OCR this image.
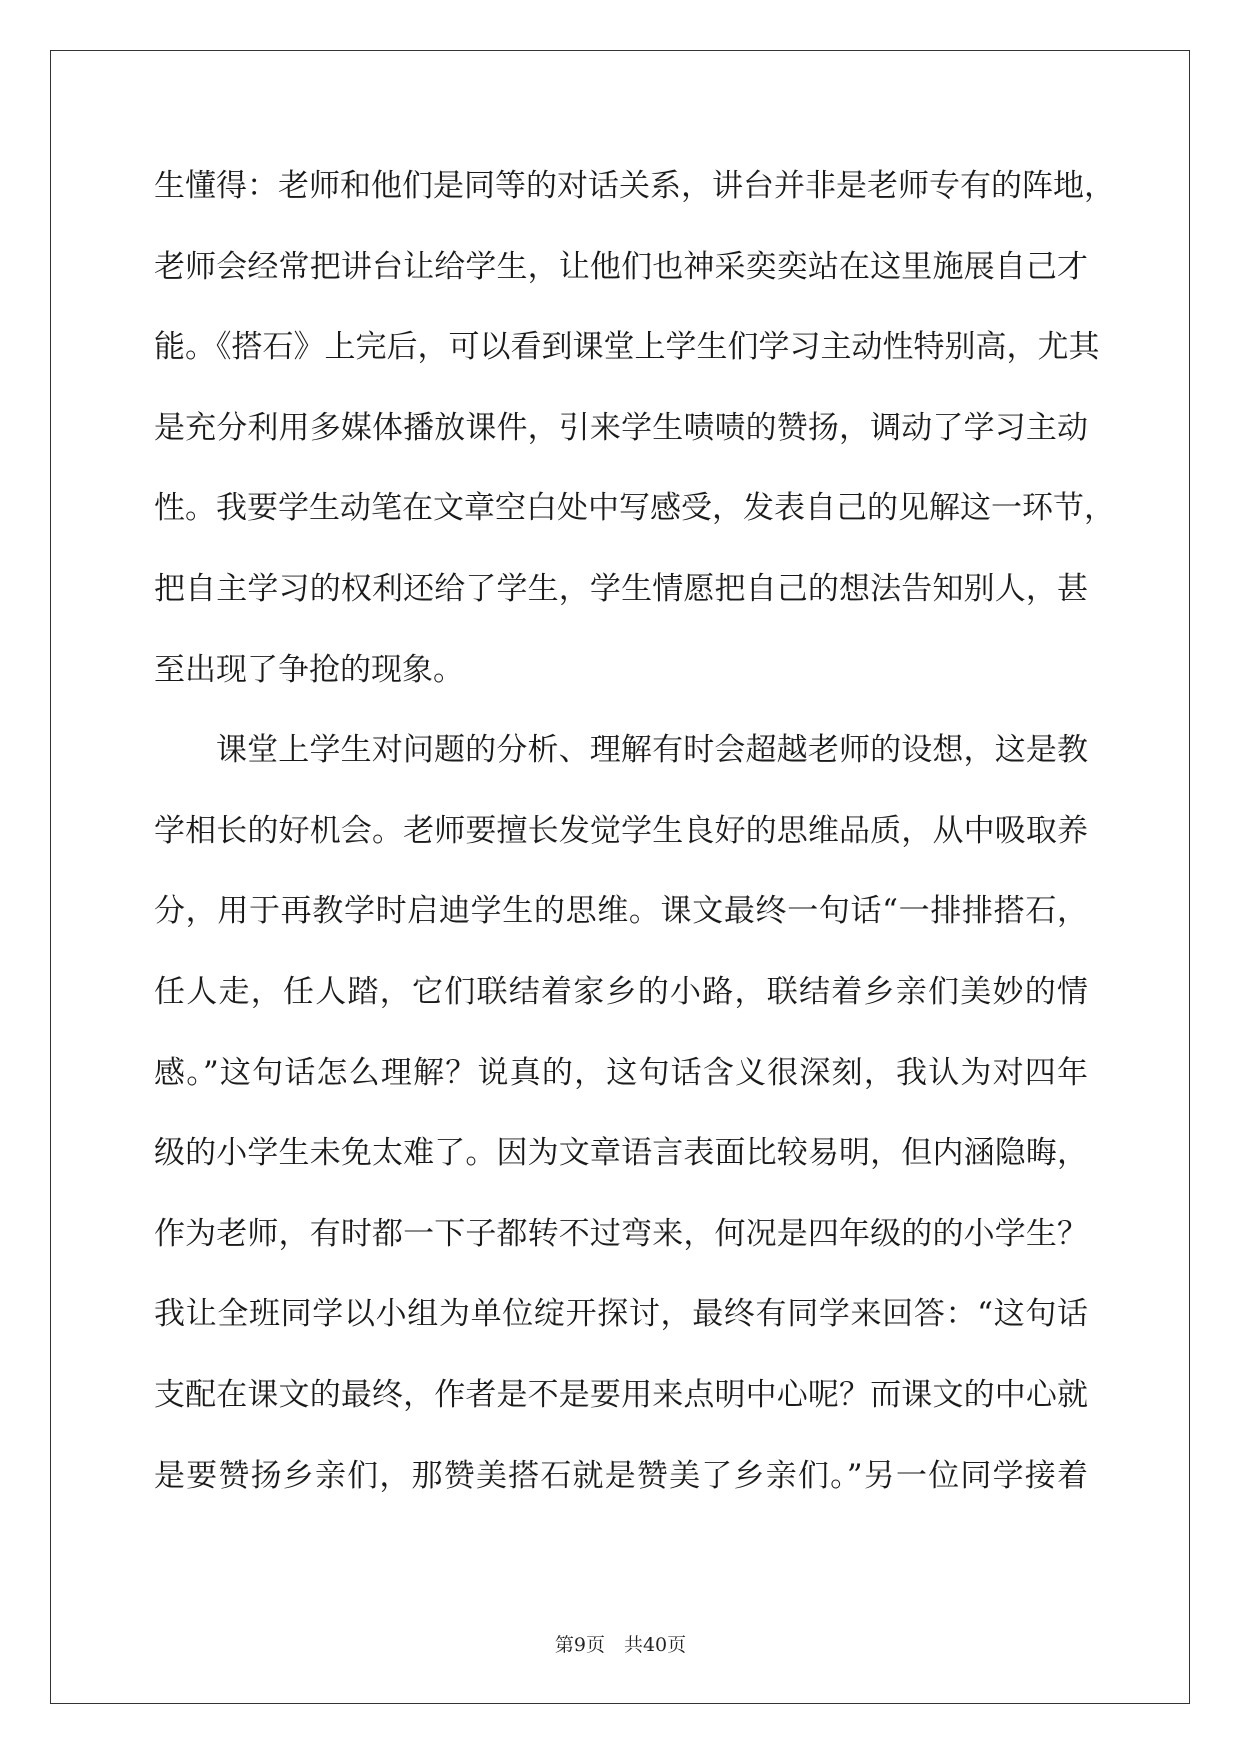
生懂得：老师和他们是同等的对话关系，讲台并非是老师专有的阵地，
老师会经常把讲台让给学生，让他们也神采奕奕站在这里施展自己才
能。《搭石》上完后，可以看到课堂上学生们学习主动性特别高，尤其
是充分利用多媒体播放课件，引来学生啧啧的赞扬，调动了学习主动
性。我要学生动笔在文章空白处中写感受，发表自己的见解这一环节，
把自主学习的权利还给了学生，学生情愿把自己的想法告知别人，甚
至出现了争抢的现象。
课堂上学生对问题的分析、理解有时会超越老师的设想，这是教
学相长的好机会。老师要擅长发觉学生良好的思维品质，从中吸取养
分，用于再教学时启迪学生的思维。课文最终一句话“一排排搭石，
任人走，任人踏，它们联结着家乡的小路，联结着乡亲们美妙的情
感。”这句话怎么理解？说真的，这句话含义很深刻，我认为对四年
级的小学生未免太难了。因为文章语言表面比较易明，但内涵隐晦，
作为老师，有时都一下子都转不过弯来，何况是四年级的的小学生？
我让全班同学以小组为单位绽开探讨，最终有同学来回答：“这句话
支配在课文的最终，作者是不是要用来点明中心呢？而课文的中心就
是要赞扬乡亲们，那赞美搭石就是赞美了乡亲们。”另一位同学接着
第9页　共40页
